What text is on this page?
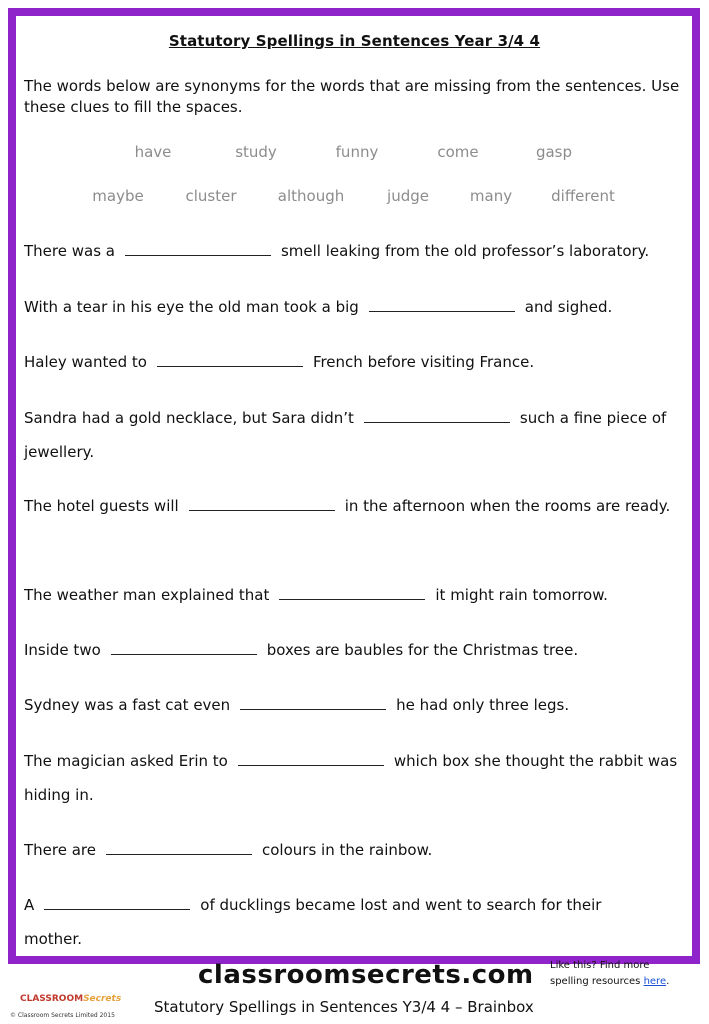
Statutory Spellings in Sentences Year 3/4 4
The words below are synonyms for the words that are missing from the sentences. Use these clues to fill the spaces.
have	study	funny	come	gasp
maybe	cluster	although	judge	many	different
There was a	smell leaking from the old professor’s laboratory.
With a tear in his eye the old man took a big	and sighed.
Haley wanted to	French before visiting France.
Sandra had a gold necklace, but Sara didn’t	such a fine piece of jewellery.
The hotel guests will	in the afternoon when the rooms are ready.
The weather man explained that	it might rain tomorrow.
Inside two	boxes are baubles for the Christmas tree.
Sydney was a fast cat even	he had only three legs.
The magician asked Erin to	which box she thought the rabbit was hiding in.
There are	colours in the rainbow.
A	of ducklings became lost and went to search for their mother.
classroomsecrets.com Like this? Find more
spelling resources here.
CLASSROOMSecrets
© Classroom Secrets Limited 2015	Statutory Spellings in Sentences Y3/4 4 – Brainbox
